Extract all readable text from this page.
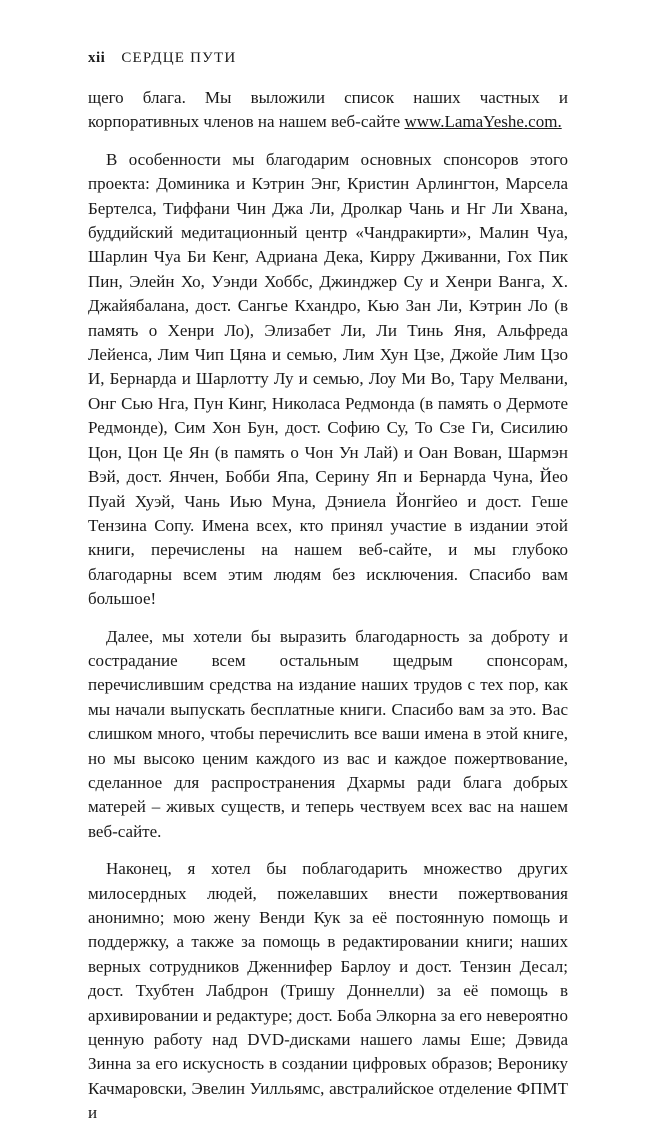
xii СЕРДЦЕ ПУТИ

щего блага. Мы выложили список наших частных и корпоративных членов на нашем веб-сайте www.LamaYeshe.com.

В особенности мы благодарим основных спонсоров этого проекта: Доминика и Кэтрин Энг, Кристин Арлингтон, Марсела Бертелса, Тиффани Чин Джа Ли, Дролкар Чань и Нг Ли Хвана, буддийский медитационный центр «Чандракирти», Малин Чуа, Шарлин Чуа Би Кенг, Адриана Дека, Кирру Дживанни, Гох Пик Пин, Элейн Хо, Уэнди Хоббс, Джинджер Су и Хенри Ванга, Х. Джайябалана, дост. Сангье Кхандро, Кью Зан Ли, Кэтрин Ло (в память о Хенри Ло), Элизабет Ли, Ли Тинь Яня, Альфреда Лейенса, Лим Чип Цяна и семью, Лим Хун Цзе, Джойе Лим Цзо И, Бернарда и Шарлотту Лу и семью, Лоу Ми Во, Тару Мелвани, Онг Сью Нга, Пун Кинг, Николаса Редмонда (в память о Дермоте Редмонде), Сим Хон Бун, дост. Софию Су, То Сзе Ги, Сисилию Цон, Цон Це Ян (в память о Чон Ун Лай) и Оан Вован, Шармэн Вэй, дост. Янчен, Бобби Япа, Серину Яп и Бернарда Чуна, Йео Пуай Хуэй, Чань Иью Муна, Дэниела Йонгйео и дост. Геше Тензина Сопу. Имена всех, кто принял участие в издании этой книги, перечислены на нашем веб-сайте, и мы глубоко благодарны всем этим людям без исключения. Спасибо вам большое!

Далее, мы хотели бы выразить благодарность за доброту и сострадание всем остальным щедрым спонсорам, перечислившим средства на издание наших трудов с тех пор, как мы начали выпускать бесплатные книги. Спасибо вам за это. Вас слишком много, чтобы перечислить все ваши имена в этой книге, но мы высоко ценим каждого из вас и каждое пожертвование, сделанное для распространения Дхармы ради блага добрых матерей – живых существ, и теперь чествуем всех вас на нашем веб-сайте.

Наконец, я хотел бы поблагодарить множество других милосердных людей, пожелавших внести пожертвования анонимно; мою жену Венди Кук за её постоянную помощь и поддержку, а также за помощь в редактировании книги; наших верных сотрудников Дженнифер Барлоу и дост. Тензин Десал; дост. Тхубтен Лабдрон (Тришу Доннелли) за её помощь в архивировании и редактуре; дост. Боба Элкорна за его невероятно ценную работу над DVD-дисками нашего ламы Еше; Дэвида Зинна за его искусность в создании цифровых образов; Веронику Качмаровски, Эвелин Уилльямс, австралийское отделение ФПМТ и
